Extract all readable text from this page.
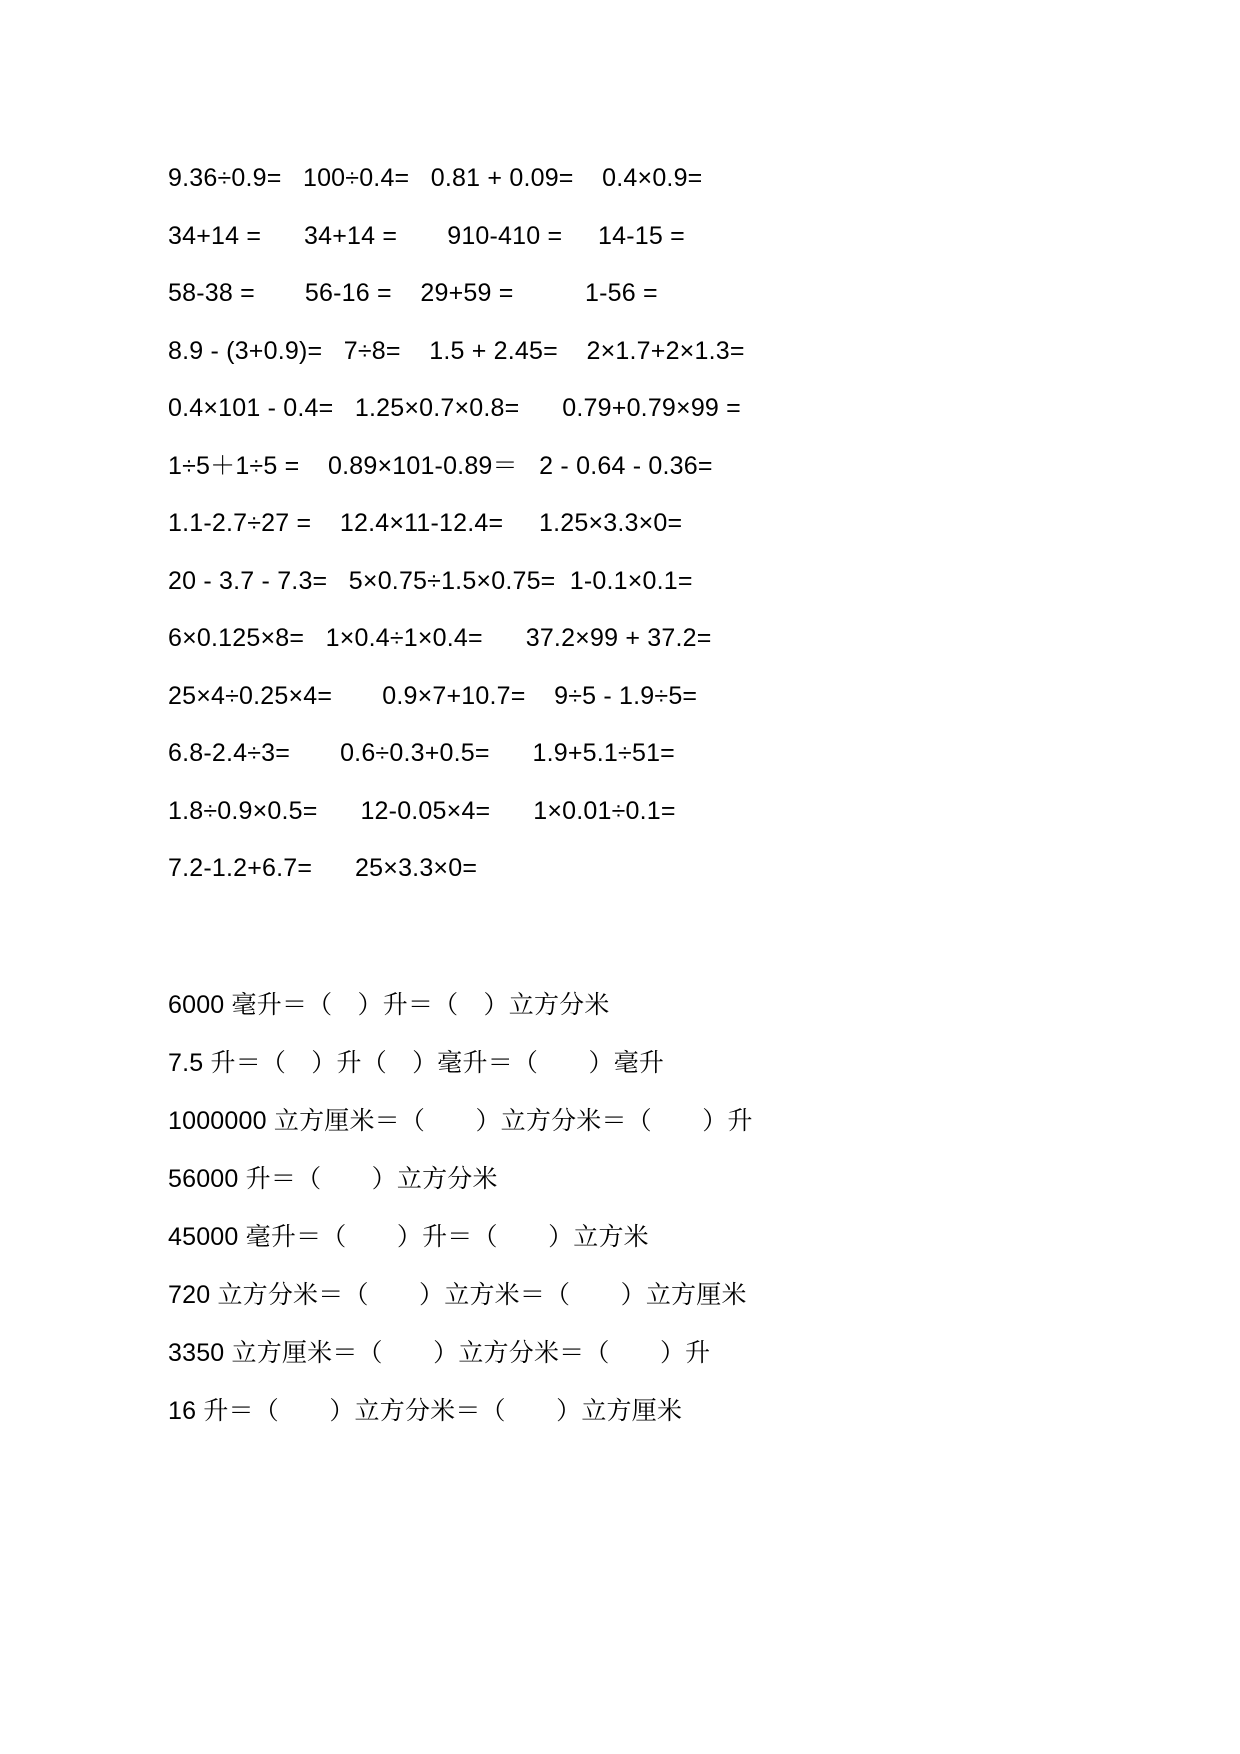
9.36÷0.9=   100÷0.4=   0.81 + 0.09=    0.4×0.9=
34+14 =      34+14 =       910-410 =     14-15 =
58-38 =       56-16 =    29+59 =          1-56 =
8.9 - (3+0.9)=   7÷8=    1.5 + 2.45=    2×1.7+2×1.3=
0.4×101 - 0.4=   1.25×0.7×0.8=      0.79+0.79×99 =
1÷5＋1÷5 =    0.89×101-0.89＝   2 - 0.64 - 0.36=
1.1-2.7÷27 =    12.4×11-12.4=     1.25×3.3×0=
20 - 3.7 - 7.3=   5×0.75÷1.5×0.75=  1-0.1×0.1=
6×0.125×8=   1×0.4÷1×0.4=      37.2×99 + 37.2=
25×4÷0.25×4=       0.9×7+10.7=    9÷5 - 1.9÷5=
6.8-2.4÷3=       0.6÷0.3+0.5=      1.9+5.1÷51=
1.8÷0.9×0.5=      12-0.05×4=      1×0.01÷0.1=
7.2-1.2+6.7=      25×3.3×0=
6000 毫升＝（　）升＝（　）立方分米
7.5 升＝（　）升（　）毫升＝（　　）毫升
1000000 立方厘米＝（　　）立方分米＝（　　）升
56000 升＝（　　）立方分米
45000 毫升＝（　　）升＝（　　）立方米
720 立方分米＝（　　）立方米＝（　　）立方厘米
3350 立方厘米＝（　　）立方分米＝（　　）升
16 升＝（　　）立方分米＝（　　）立方厘米
